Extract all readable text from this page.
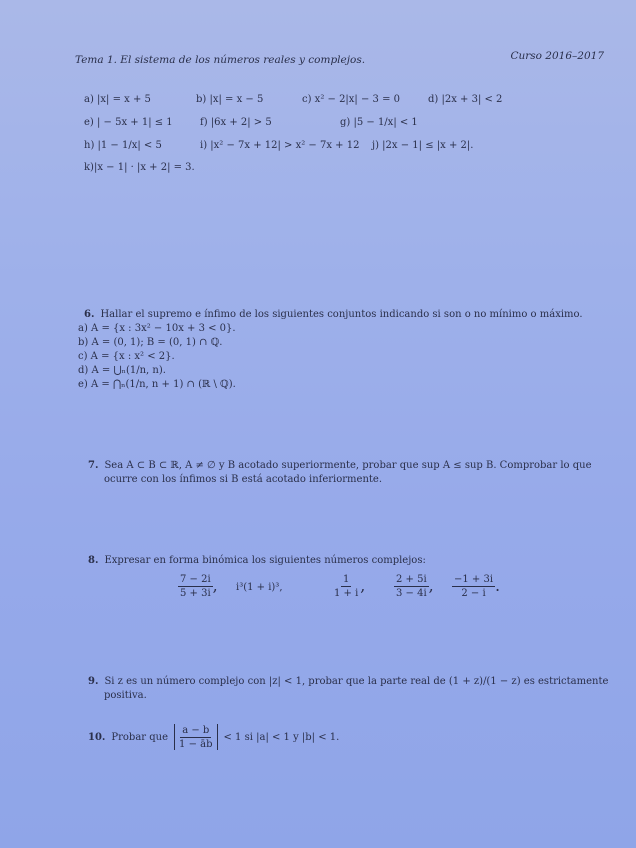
Tema 1. El sistema de los números reales y complejos.	Curso 2016–2017
a) |x| = x + 5	b) |x| = x − 5	c) x² − 2|x| − 3 = 0	d) |2x + 3| < 2
e) | − 5x + 1| ≤ 1	f) |6x + 2| > 5	g) |5 − 1/x| < 1
h) |1 − 1/x| < 5	i) |x² − 7x + 12| > x² − 7x + 12 j) |2x − 1| ≤ |x + 2|.
k)|x − 1| · |x + 2| = 3.
6. Hallar el supremo e ínfimo de los siguientes conjuntos indicando si son o no mínimo o máximo.
a) A = {x : 3x² − 10x + 3 < 0}.
b) A = (0, 1); B = (0, 1) ∩ ℚ.
c) A = {x : x² < 2}.
d) A = ⋃ₙ(1/n, n).
e) A = ⋂ₙ(1/n, n + 1) ∩ (ℝ \ ℚ).
7. Sea A ⊂ B ⊂ ℝ, A ≠ ∅ y B acotado superiormente, probar que sup A ≤ sup B. Comprobar lo que
ocurre con los ínfimos si B está acotado inferiormente.
8. Expresar en forma binómica los siguientes números complejos:
$\frac{7 - 2i}{5 + 3i}$ , i³(1 + i)³,	$\frac{1}{1 + i}$ ,	$\frac{2 + 5i}{3 - 4i}$ , $\frac{-1 + 3i}{2 - i}$ .
9. Si z es un número complejo con |z| < 1, probar que la parte real de (1 + z)/(1 − z) es estrictamente
positiva.
10. Probar que $\frac{a - b}{1 - āb} < 1$ si |a| < 1 y |b| < 1.
